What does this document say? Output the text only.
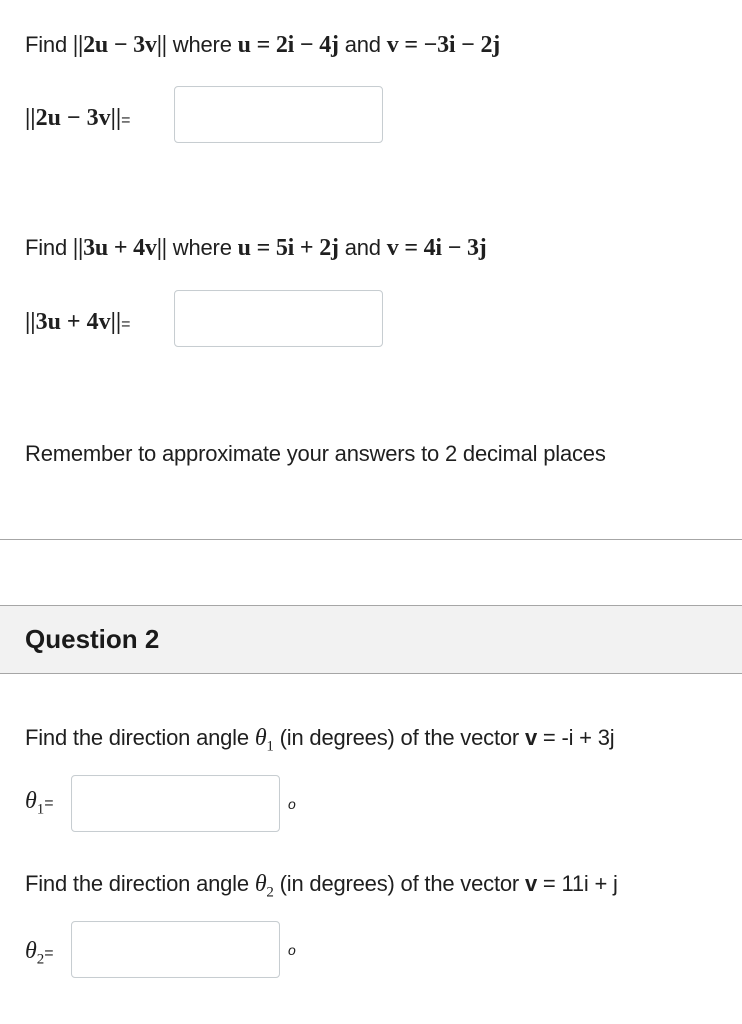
Find ||2u − 3v|| where u = 2i − 4j and v = −3i − 2j
||2u − 3v||=
Find ||3u + 4v|| where u = 5i + 2j and v = 4i − 3j
||3u + 4v||=
Remember to approximate your answers to 2 decimal places
Question 2
Find the direction angle $\theta_1$ (in degrees) of the vector v = -i + 3j
$\theta_1=$	o
Find the direction angle $\theta_2$ (in degrees) of the vector v = 11i + j
$\theta_2=$	o
